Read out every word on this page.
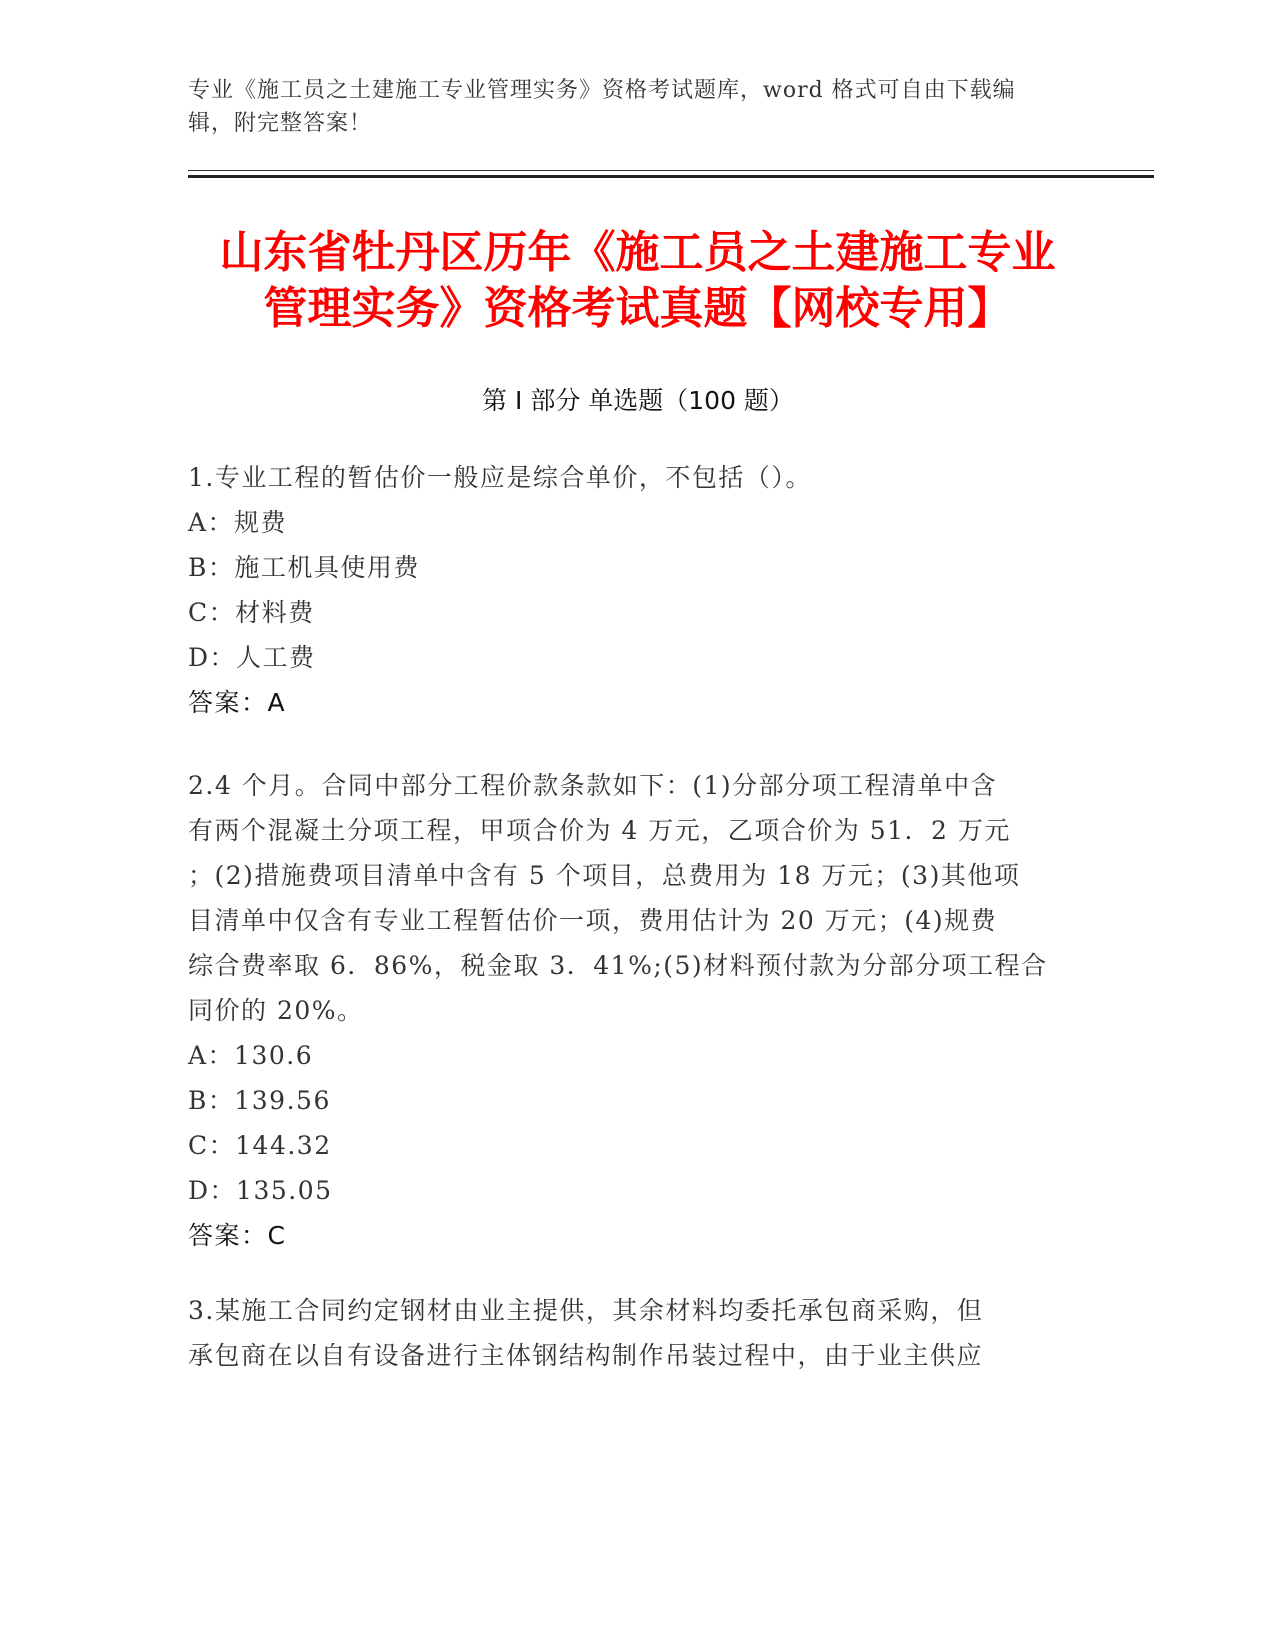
专业《施工员之土建施工专业管理实务》资格考试题库，word 格式可自由下载编
辑，附完整答案！
山东省牡丹区历年《施工员之土建施工专业
管理实务》资格考试真题【网校专用】
第 I 部分 单选题（100 题）
1.专业工程的暂估价一般应是综合单价，不包括（）。
A：规费
B：施工机具使用费
C：材料费
D：人工费
答案：A
2.4 个月。合同中部分工程价款条款如下：(1)分部分项工程清单中含
有两个混凝土分项工程，甲项合价为 4 万元，乙项合价为 51．2 万元
；(2)措施费项目清单中含有 5 个项目，总费用为 18 万元；(3)其他项
目清单中仅含有专业工程暂估价一项，费用估计为 20 万元；(4)规费
综合费率取 6．86%，税金取 3．41%;(5)材料预付款为分部分项工程合
同价的 20%。
A：130.6
B：139.56
C：144.32
D：135.05
答案：C
3.某施工合同约定钢材由业主提供，其余材料均委托承包商采购，但
承包商在以自有设备进行主体钢结构制作吊装过程中，由于业主供应
